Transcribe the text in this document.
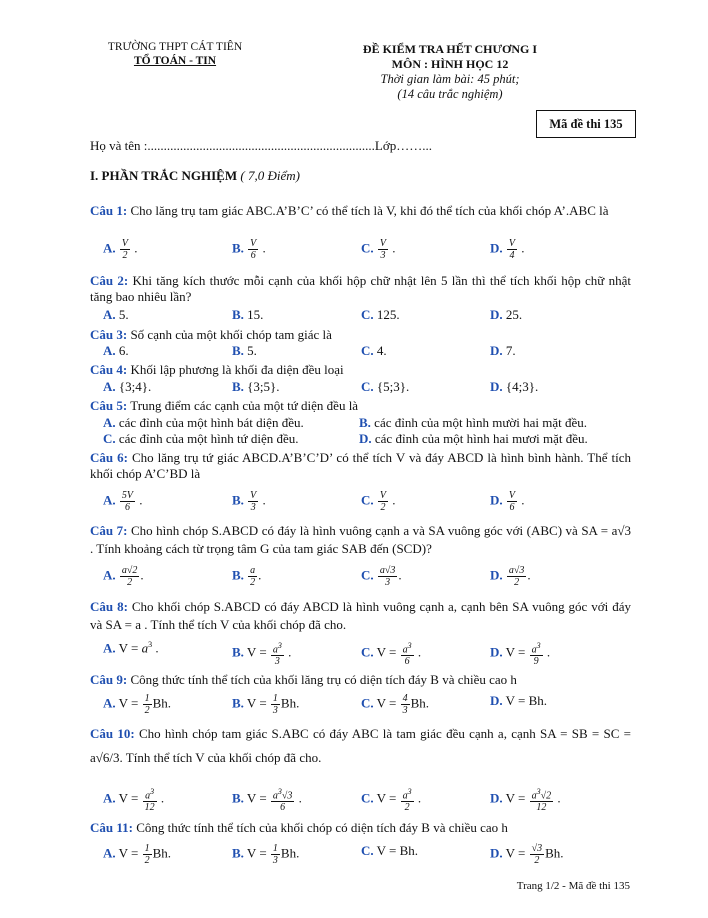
TRƯỜNG THPT CÁT TIÊN
TỔ TOÁN - TIN
ĐỀ KIỂM TRA HẾT CHƯƠNG I
MÔN : HÌNH HỌC 12
Thời gian làm bài: 45 phút;
(14 câu trắc nghiệm)
Mã đề thi 135
Họ và tên :......................................................................Lớp……...
I. PHẦN TRẮC NGHIỆM ( 7,0 Điểm)
Câu 1: Cho lăng trụ tam giác ABC.A’B’C’ có thể tích là V, khi đó thể tích của khối chóp A’.ABC là
A. $\frac{V}{2}$ .	B. $\frac{V}{6}$ .	C. $\frac{V}{3}$ .	D. $\frac{V}{4}$ .
Câu 2: Khi tăng kích thước mỗi cạnh của khối hộp chữ nhật lên 5 lần thì thể tích khối hộp chữ nhật tăng bao nhiêu lần?
A. 5.	B. 15.	C. 125.	D. 25.
Câu 3: Số cạnh của một khối chóp tam giác là
A. 6.	B. 5.	C. 4.	D. 7.
Câu 4: Khối lập phương là khối đa diện đều loại
A. {3;4}.	B. {3;5}.	C. {5;3}.	D. {4;3}.
Câu 5: Trung điểm các cạnh của một tứ diện đều là
A. các đỉnh của một hình bát diện đều.	B. các đỉnh của một hình mười hai mặt đều.
C. các đỉnh của một hình tứ diện đều.	D. các đỉnh của một hình hai mươi mặt đều.
Câu 6: Cho lăng trụ tứ giác ABCD.A’B’C’D’ có thể tích V và đáy ABCD là hình bình hành. Thể tích khối chóp A’C’BD là
A. $\frac{5V}{6}$ .	B. $\frac{V}{3}$ .	C. $\frac{V}{2}$ .	D. $\frac{V}{6}$ .
Câu 7: Cho hình chóp S.ABCD có đáy là hình vuông cạnh a và SA vuông góc với (ABC) và SA = a√3 . Tính khoảng cách từ trọng tâm G của tam giác SAB đến (SCD)?
A. $\frac{a√2}{2}$ .	B. $\frac{a}{2}$ .	C. $\frac{a√3}{3}$ .	D. $\frac{a√3}{2}$ .
Câu 8: Cho khối chóp S.ABCD có đáy ABCD là hình vuông cạnh a, cạnh bên SA vuông góc với đáy và SA = a . Tính thể tích V của khối chóp đã cho.
A. $V = a^3$ .	B. $V = \frac{a^3}{3}$ .	C. $V = \frac{a^3}{6}$ .	D. $V = \frac{a^3}{9}$ .
Câu 9: Công thức tính thể tích của khối lăng trụ có diện tích đáy B và chiều cao h
A. $V = \frac{1}{2} Bh$.	B. $V = \frac{1}{3} Bh$.	C. $V = \frac{4}{3} Bh$.	D. V = Bh.
Câu 10: Cho hình chóp tam giác S.ABC có đáy ABC là tam giác đều cạnh a, cạnh SA = SB = SC = a√6/3. Tính thể tích V của khối chóp đã cho.
A. $V = \frac{a^3}{12}$ .	B. $V = \frac{a^3√3}{6}$ .	C. $V = \frac{a^3}{2}$ .	D. $V = \frac{a^3√2}{12}$ .
Câu 11: Công thức tính thể tích của khối chóp có diện tích đáy B và chiều cao h
A. $V = \frac{1}{2} Bh$.	B. $V = \frac{1}{3} Bh$.	C. V = Bh.	D. $V = \frac{√3}{2} Bh$.
Trang 1/2 - Mã đề thi 135
